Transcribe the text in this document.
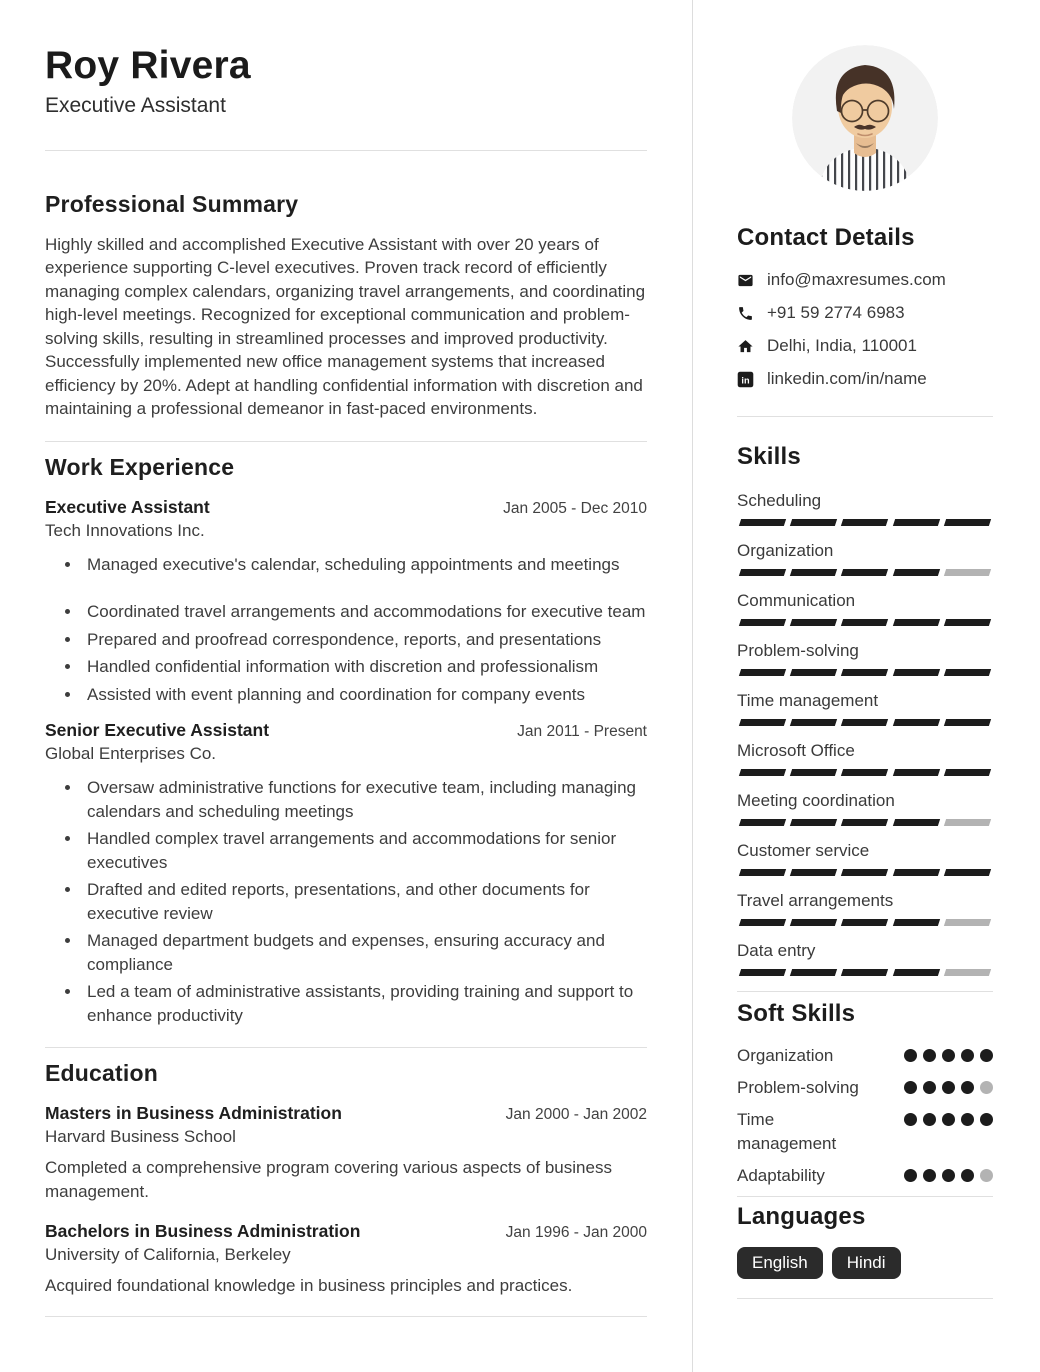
Roy Rivera
Executive Assistant
Professional Summary

Highly skilled and accomplished Executive Assistant with over 20 years of experience supporting C-level executives. Proven track record of efficiently managing complex calendars, organizing travel arrangements, and coordinating high-level meetings. Recognized for exceptional communication and problem-solving skills, resulting in streamlined processes and improved productivity. Successfully implemented new office management systems that increased efficiency by 20%. Adept at handling confidential information with discretion and maintaining a professional demeanor in fast-paced environments.

Work Experience
Executive Assistant	Jan 2005 - Dec 2010
Tech Innovations Inc.
• Managed executive's calendar, scheduling appointments and meetings
• Coordinated travel arrangements and accommodations for executive team
• Prepared and proofread correspondence, reports, and presentations
• Handled confidential information with discretion and professionalism
• Assisted with event planning and coordination for company events
Senior Executive Assistant	Jan 2011 - Present
Global Enterprises Co.
• Oversaw administrative functions for executive team, including managing calendars and scheduling meetings
• Handled complex travel arrangements and accommodations for senior executives
• Drafted and edited reports, presentations, and other documents for executive review
• Managed department budgets and expenses, ensuring accuracy and compliance
• Led a team of administrative assistants, providing training and support to enhance productivity
Education
Masters in Business Administration	Jan 2000 - Jan 2002
Harvard Business School

Completed a comprehensive program covering various aspects of business management.

Bachelors in Business Administration	Jan 1996 - Jan 2000
University of California, Berkeley

Acquired foundational knowledge in business principles and practices.

Contact Details
info@maxresumes.com
+91 59 2774 6983
Delhi, India, 110001
in linkedin.com/in/name
Skills
Scheduling
Organization
Communication
Problem-solving
Time management
Microsoft Office
Meeting coordination
Customer service
Travel arrangements
Data entry
Soft Skills
Organization
Problem-solving
Time management
Adaptability
Languages
English	Hindi
